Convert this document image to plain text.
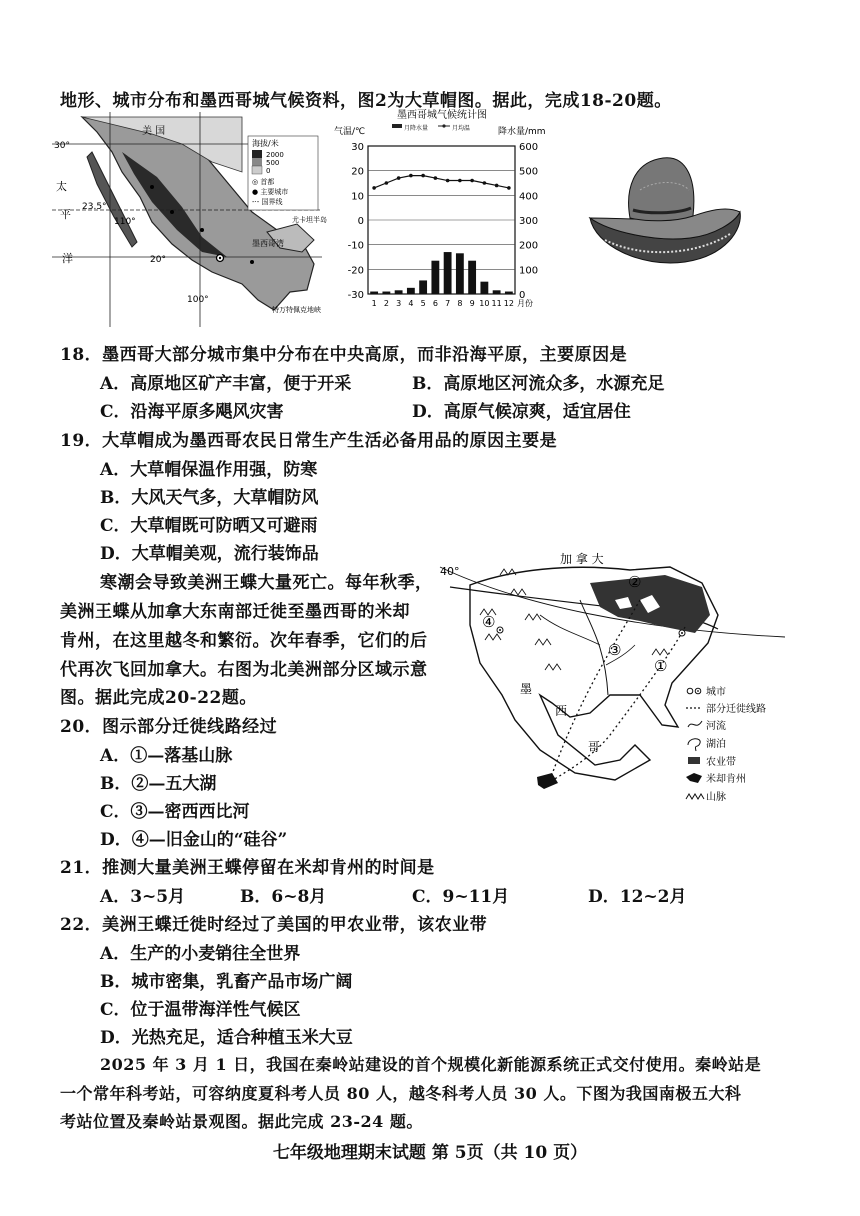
地形、城市分布和墨西哥城气候资料，图2为大草帽图。据此，完成18-20题。
美 国
30°
太
平
洋
23.5°
110°
20°
100°
墨西哥湾
尤卡坦半岛
特万特佩克地峡
海拔/米
2000
500
0
◎ 首都
● 主要城市
-·- 国界线
墨西哥城气候统计图
气温/℃	降水量/mm
月降水量	月均温
30
20
10
0
-10
-20
-30
600
500
400
300
200
100
0
1 2 3 4 5 6 7 8 9 10 11 12 月份
18．墨西哥大部分城市集中分布在中央高原，而非沿海平原，主要原因是
A．高原地区矿产丰富，便于开采	B．高原地区河流众多，水源充足
C．沿海平原多飓风灾害	D．高原气候凉爽，适宜居住
19．大草帽成为墨西哥农民日常生产生活必备用品的原因主要是
A．大草帽保温作用强，防寒
B．大风天气多，大草帽防风
C．大草帽既可防晒又可避雨
D．大草帽美观，流行装饰品
寒潮会导致美洲王蝶大量死亡。每年秋季，
美洲王蝶从加拿大东南部迁徙至墨西哥的米却
肯州，在这里越冬和繁衍。次年春季，它们的后
代再次飞回加拿大。右图为北美洲部分区域示意
图。据此完成20-22题。
40°
加 拿 大
墨
西
哥
②
④
③
①
城市
部分迁徙线路
河流
湖泊
农业带
米却肯州
山脉
20．图示部分迁徙线路经过
A．①—落基山脉
B．②—五大湖
C．③—密西西比河
D．④—旧金山的“硅谷”
21．推测大量美洲王蝶停留在米却肯州的时间是
A．3~5月	B．6~8月	C．9~11月	D．12~2月
22．美洲王蝶迁徙时经过了美国的甲农业带，该农业带
A．生产的小麦销往全世界
B．城市密集，乳畜产品市场广阔
C．位于温带海洋性气候区
D．光热充足，适合种植玉米大豆
2025 年 3 月 1 日，我国在秦岭站建设的首个规模化新能源系统正式交付使用。秦岭站是
一个常年科考站，可容纳度夏科考人员 80 人，越冬科考人员 30 人。下图为我国南极五大科
考站位置及秦岭站景观图。据此完成 23-24 题。
七年级地理期末试题 第 5页（共 10 页）
